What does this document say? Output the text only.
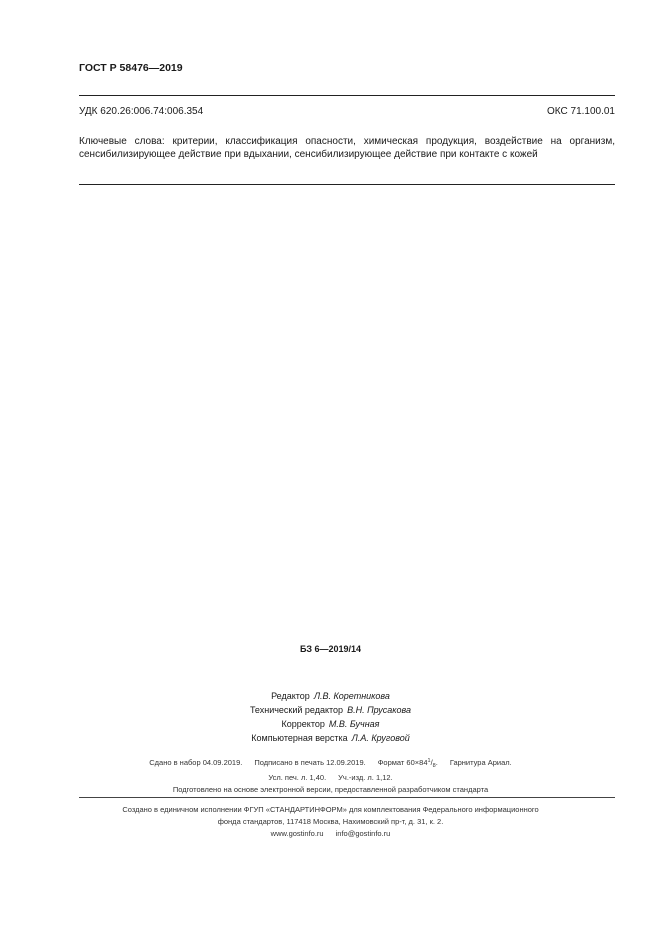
ГОСТ Р 58476—2019
УДК 620.26:006.74:006.354	ОКС 71.100.01
Ключевые слова: критерии, классификация опасности, химическая продукция, воздействие на организм, сенсибилизирующее действие при вдыхании, сенсибилизирующее действие при контакте с кожей
БЗ 6—2019/14
Редактор Л.В. Коретникова
Технический редактор В.Н. Прусакова
Корректор М.В. Бучная
Компьютерная верстка Л.А. Круговой
Сдано в набор 04.09.2019. Подписано в печать 12.09.2019. Формат $60\times 84^1/_8$. Гарнитура Ариал.
Усл. печ. л. 1,40. Уч.-изд. л. 1,12.
Подготовлено на основе электронной версии, предоставленной разработчиком стандарта
Создано в единичном исполнении ФГУП «СТАНДАРТИНФОРМ» для комплектования Федерального информационного
фонда стандартов, 117418 Москва, Нахимовский пр-т, д. 31, к. 2.
www.gostinfo.ru info@gostinfo.ru
